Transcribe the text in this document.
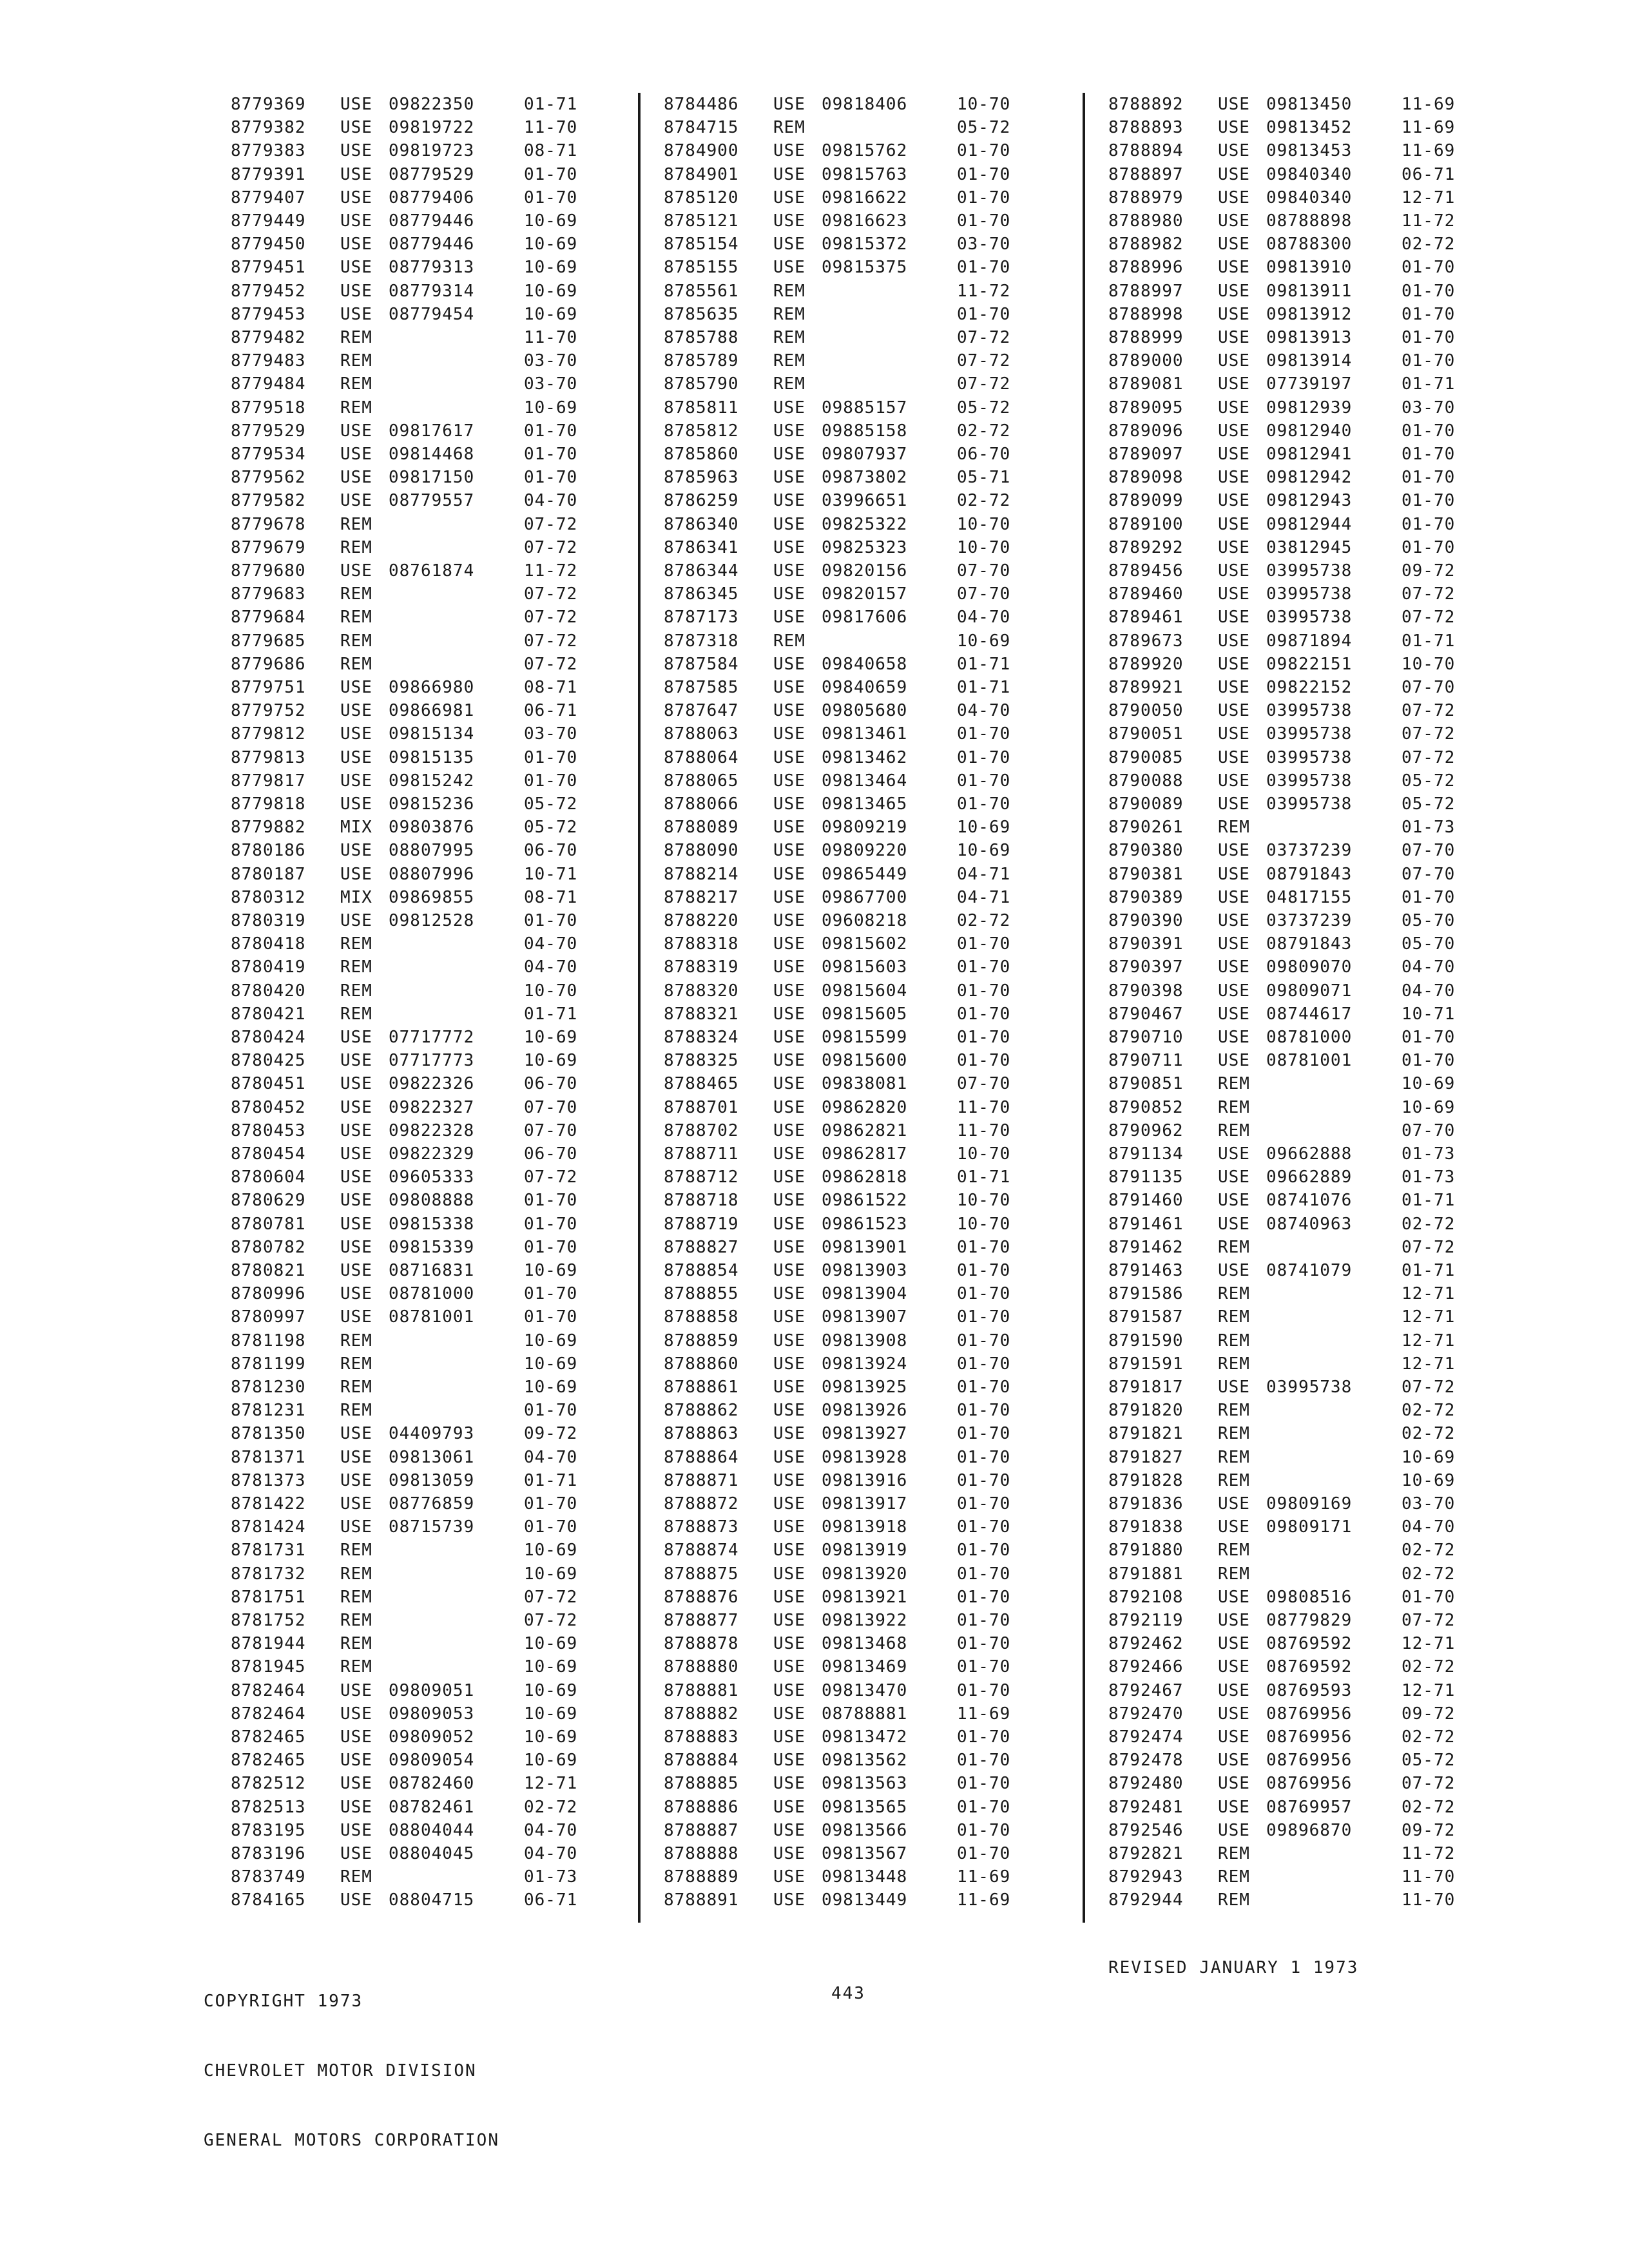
8779369 USE 09822350	01-71
8779382 USE 09819722	11-70
8779383 USE 09819723	08-71
8779391 USE 08779529	01-70
8779407 USE 08779406	01-70
8779449 USE 08779446	10-69
8779450 USE 08779446	10-69
8779451 USE 08779313	10-69
8779452 USE 08779314	10-69
8779453 USE 08779454	10-69
8779482 REM	11-70
8779483 REM	03-70
8779484 REM	03-70
8779518 REM	10-69
8779529 USE 09817617	01-70
8779534 USE 09814468	01-70
8779562 USE 09817150	01-70
8779582 USE 08779557	04-70
8779678 REM	07-72
8779679 REM	07-72
8779680 USE 08761874	11-72
8779683 REM	07-72
8779684 REM	07-72
8779685 REM	07-72
8779686 REM	07-72
8779751 USE 09866980	08-71
8779752 USE 09866981	06-71
8779812 USE 09815134	03-70
8779813 USE 09815135	01-70
8779817 USE 09815242	01-70
8779818 USE 09815236	05-72
8779882 MIX 09803876	05-72
8780186 USE 08807995	06-70
8780187 USE 08807996	10-71
8780312 MIX 09869855	08-71
8780319 USE 09812528	01-70
8780418 REM	04-70
8780419 REM	04-70
8780420 REM	10-70
8780421 REM	01-71
8780424 USE 07717772	10-69
8780425 USE 07717773	10-69
8780451 USE 09822326	06-70
8780452 USE 09822327	07-70
8780453 USE 09822328	07-70
8780454 USE 09822329	06-70
8780604 USE 09605333	07-72
8780629 USE 09808888	01-70
8780781 USE 09815338	01-70
8780782 USE 09815339	01-70
8780821 USE 08716831	10-69
8780996 USE 08781000	01-70
8780997 USE 08781001	01-70
8781198 REM	10-69
8781199 REM	10-69
8781230 REM	10-69
8781231 REM	01-70
8781350 USE 04409793	09-72
8781371 USE 09813061	04-70
8781373 USE 09813059	01-71
8781422 USE 08776859	01-70
8781424 USE 08715739	01-70
8781731 REM	10-69
8781732 REM	10-69
8781751 REM	07-72
8781752 REM	07-72
8781944 REM	10-69
8781945 REM	10-69
8782464 USE 09809051	10-69
8782464 USE 09809053	10-69
8782465 USE 09809052	10-69
8782465 USE 09809054	10-69
8782512 USE 08782460	12-71
8782513 USE 08782461	02-72
8783195 USE 08804044	04-70
8783196 USE 08804045	04-70
8783749 REM	01-73
8784165 USE 08804715	06-71
8784486 USE 09818406	10-70
8784715 REM	05-72
8784900 USE 09815762	01-70
8784901 USE 09815763	01-70
8785120 USE 09816622	01-70
8785121 USE 09816623	01-70
8785154 USE 09815372	03-70
8785155 USE 09815375	01-70
8785561 REM	11-72
8785635 REM	01-70
8785788 REM	07-72
8785789 REM	07-72
8785790 REM	07-72
8785811 USE 09885157	05-72
8785812 USE 09885158	02-72
8785860 USE 09807937	06-70
8785963 USE 09873802	05-71
8786259 USE 03996651	02-72
8786340 USE 09825322	10-70
8786341 USE 09825323	10-70
8786344 USE 09820156	07-70
8786345 USE 09820157	07-70
8787173 USE 09817606	04-70
8787318 REM	10-69
8787584 USE 09840658	01-71
8787585 USE 09840659	01-71
8787647 USE 09805680	04-70
8788063 USE 09813461	01-70
8788064 USE 09813462	01-70
8788065 USE 09813464	01-70
8788066 USE 09813465	01-70
8788089 USE 09809219	10-69
8788090 USE 09809220	10-69
8788214 USE 09865449	04-71
8788217 USE 09867700	04-71
8788220 USE 09608218	02-72
8788318 USE 09815602	01-70
8788319 USE 09815603	01-70
8788320 USE 09815604	01-70
8788321 USE 09815605	01-70
8788324 USE 09815599	01-70
8788325 USE 09815600	01-70
8788465 USE 09838081	07-70
8788701 USE 09862820	11-70
8788702 USE 09862821	11-70
8788711 USE 09862817	10-70
8788712 USE 09862818	01-71
8788718 USE 09861522	10-70
8788719 USE 09861523	10-70
8788827 USE 09813901	01-70
8788854 USE 09813903	01-70
8788855 USE 09813904	01-70
8788858 USE 09813907	01-70
8788859 USE 09813908	01-70
8788860 USE 09813924	01-70
8788861 USE 09813925	01-70
8788862 USE 09813926	01-70
8788863 USE 09813927	01-70
8788864 USE 09813928	01-70
8788871 USE 09813916	01-70
8788872 USE 09813917	01-70
8788873 USE 09813918	01-70
8788874 USE 09813919	01-70
8788875 USE 09813920	01-70
8788876 USE 09813921	01-70
8788877 USE 09813922	01-70
8788878 USE 09813468	01-70
8788880 USE 09813469	01-70
8788881 USE 09813470	01-70
8788882 USE 08788881	11-69
8788883 USE 09813472	01-70
8788884 USE 09813562	01-70
8788885 USE 09813563	01-70
8788886 USE 09813565	01-70
8788887 USE 09813566	01-70
8788888 USE 09813567	01-70
8788889 USE 09813448	11-69
8788891 USE 09813449	11-69
8788892 USE 09813450	11-69
8788893 USE 09813452	11-69
8788894 USE 09813453	11-69
8788897 USE 09840340	06-71
8788979 USE 09840340	12-71
8788980 USE 08788898	11-72
8788982 USE 08788300	02-72
8788996 USE 09813910	01-70
8788997 USE 09813911	01-70
8788998 USE 09813912	01-70
8788999 USE 09813913	01-70
8789000 USE 09813914	01-70
8789081 USE 07739197	01-71
8789095 USE 09812939	03-70
8789096 USE 09812940	01-70
8789097 USE 09812941	01-70
8789098 USE 09812942	01-70
8789099 USE 09812943	01-70
8789100 USE 09812944	01-70
8789292 USE 03812945	01-70
8789456 USE 03995738	09-72
8789460 USE 03995738	07-72
8789461 USE 03995738	07-72
8789673 USE 09871894	01-71
8789920 USE 09822151	10-70
8789921 USE 09822152	07-70
8790050 USE 03995738	07-72
8790051 USE 03995738	07-72
8790085 USE 03995738	07-72
8790088 USE 03995738	05-72
8790089 USE 03995738	05-72
8790261 REM	01-73
8790380 USE 03737239	07-70
8790381 USE 08791843	07-70
8790389 USE 04817155	01-70
8790390 USE 03737239	05-70
8790391 USE 08791843	05-70
8790397 USE 09809070	04-70
8790398 USE 09809071	04-70
8790467 USE 08744617	10-71
8790710 USE 08781000	01-70
8790711 USE 08781001	01-70
8790851 REM	10-69
8790852 REM	10-69
8790962 REM	07-70
8791134 USE 09662888	01-73
8791135 USE 09662889	01-73
8791460 USE 08741076	01-71
8791461 USE 08740963	02-72
8791462 REM	07-72
8791463 USE 08741079	01-71
8791586 REM	12-71
8791587 REM	12-71
8791590 REM	12-71
8791591 REM	12-71
8791817 USE 03995738	07-72
8791820 REM	02-72
8791821 REM	02-72
8791827 REM	10-69
8791828 REM	10-69
8791836 USE 09809169	03-70
8791838 USE 09809171	04-70
8791880 REM	02-72
8791881 REM	02-72
8792108 USE 09808516	01-70
8792119 USE 08779829	07-72
8792462 USE 08769592	12-71
8792466 USE 08769592	02-72
8792467 USE 08769593	12-71
8792470 USE 08769956	09-72
8792474 USE 08769956	02-72
8792478 USE 08769956	05-72
8792480 USE 08769956	07-72
8792481 USE 08769957	02-72
8792546 USE 09896870	09-72
8792821 REM	11-72
8792943 REM	11-70
8792944 REM	11-70

COPYRIGHT 1973

CHEVROLET MOTOR DIVISION

GENERAL MOTORS CORPORATION

443
REVISED JANUARY 1 1973
